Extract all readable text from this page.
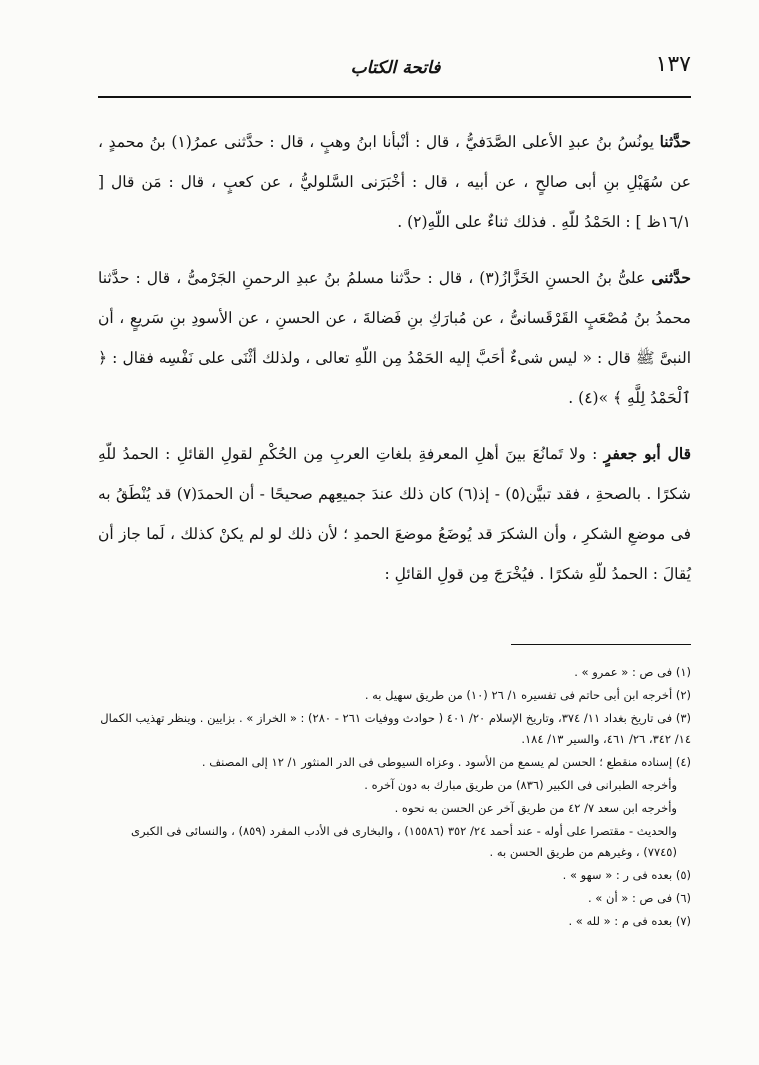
١٣٧
فاتحة الكتاب

حدَّثنا يونُسُ بنُ عبدِ الأعلى الصَّدَفيُّ ، قال : أنْبأنا ابنُ وهبٍ ، قال : حدَّثنى عمرُ(١) بنُ محمدٍ ، عن سُهَيْلِ بنِ أبى صالحٍ ، عن أبيه ، قال : أخْبَرَنى السَّلوليُّ ، عن كعبٍ ، قال : مَن قال [ ١٦/١ظ ] : الحَمْدُ للّهِ . فذلك ثناءٌ على اللّهِ(٢) .

حدَّثنى علىُّ بنُ الحسنِ الخَزَّازُ(٣) ، قال : حدَّثنا مسلمُ بنُ عبدِ الرحمنِ الجَرْمىُّ ، قال : حدَّثنا محمدُ بنُ مُصْعَبٍ القَرْقَسانىُّ ، عن مُبارَكِ بنِ فَضالةَ ، عن الحسنِ ، عن الأسودِ بنِ سَريعٍ ، أن النبىَّ ﷺ قال : « ليس شىءٌ أحَبَّ إليه الحَمْدُ مِن اللّهِ تعالى ، ولذلك أثْنَى على نَفْسِه فقال : ﴿ ٱلْحَمْدُ لِلَّهِ ﴾ »(٤) .

قال أبو جعفرٍ : ولا تَمانُعَ بينَ أهلِ المعرفةِ بلغاتِ العربِ مِن الحُكْمِ لقولِ القائلِ : الحمدُ للّهِ شكرًا . بالصحةِ ، فقد تبيَّن(٥) - إذ(٦) كان ذلك عندَ جميعِهم صحيحًا - أن الحمدَ(٧) قد يُنْطَقُ به فى موضعِ الشكرِ ، وأن الشكرَ قد يُوضَعُ موضعَ الحمدِ ؛ لأن ذلك لو لم يكنْ كذلك ، لَما جاز أن يُقالَ : الحمدُ للّهِ شكرًا . فيُخْرَجَ مِن قولِ القائلِ :

(١) فى ص : « عمرو » .

(٢) أخرجه ابن أبى حاتم فى تفسيره ١/ ٢٦ (١٠) من طريق سهيل به .

(٣) فى تاريخ بغداد ١١/ ٣٧٤، وتاريخ الإسلام ٢٠/ ٤٠١ ( حوادث ووفيات ٢٦١ - ٢٨٠) : « الخراز » . بزايين . وينظر تهذيب الكمال ١٤/ ٣٤٢، ٢٦/ ٤٦١، والسير ١٣/ ١٨٤.

(٤) إسناده منقطع ؛ الحسن لم يسمع من الأسود . وعزاه السيوطى فى الدر المنثور ١/ ١٢ إلى المصنف .

وأخرجه الطبرانى فى الكبير (٨٣٦) من طريق مبارك به دون آخره .

وأخرجه ابن سعد ٧/ ٤٢ من طريق آخر عن الحسن به نحوه .

والحديث - مقتصرا على أوله - عند أحمد ٢٤/ ٣٥٢ (١٥٥٨٦) ، والبخارى فى الأدب المفرد (٨٥٩) ، والنسائى فى الكبرى (٧٧٤٥) ، وغيرهم من طريق الحسن به .

(٥) بعده فى ر : « سهو » .

(٦) فى ص : « أن » .

(٧) بعده فى م : « لله » .
